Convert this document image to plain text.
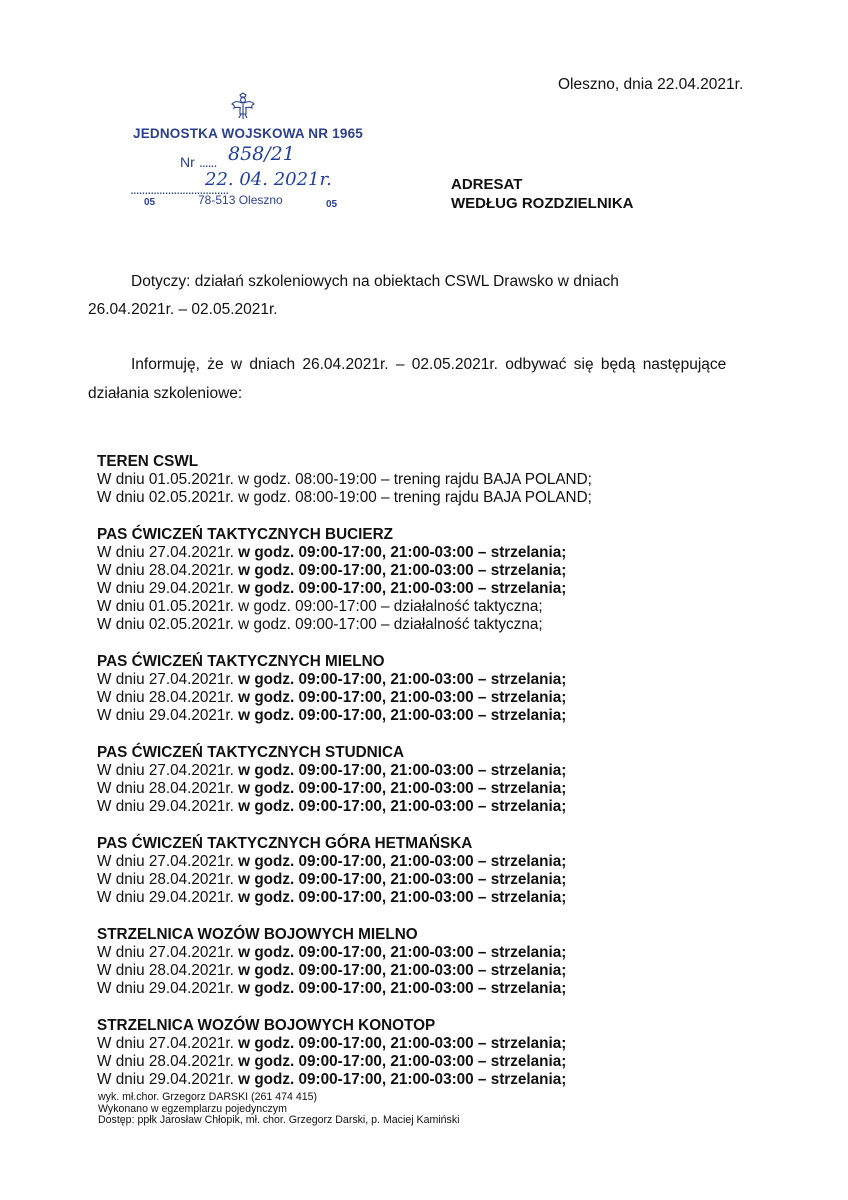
Oleszno, dnia 22.04.2021r.
JEDNOSTKA WOJSKOWA NR 1965
Nr ...... 858/21
..................................
22. 04. 2021r.
05	78-513 Oleszno	05
ADRESAT
WEDŁUG ROZDZIELNIKA
Dotyczy: działań szkoleniowych na obiektach CSWL Drawsko w dniach
26.04.2021r. – 02.05.2021r.
Informuję, że w dniach 26.04.2021r. – 02.05.2021r. odbywać się będą następujące
działania szkoleniowe:
TEREN CSWL
W dniu 01.05.2021r. w godz. 08:00-19:00 – trening rajdu BAJA POLAND;
W dniu 02.05.2021r. w godz. 08:00-19:00 – trening rajdu BAJA POLAND;
PAS ĆWICZEŃ TAKTYCZNYCH BUCIERZ
W dniu 27.04.2021r. w godz. 09:00-17:00, 21:00-03:00 – strzelania;
W dniu 28.04.2021r. w godz. 09:00-17:00, 21:00-03:00 – strzelania;
W dniu 29.04.2021r. w godz. 09:00-17:00, 21:00-03:00 – strzelania;
W dniu 01.05.2021r. w godz. 09:00-17:00 – działalność taktyczna;
W dniu 02.05.2021r. w godz. 09:00-17:00 – działalność taktyczna;
PAS ĆWICZEŃ TAKTYCZNYCH MIELNO
W dniu 27.04.2021r. w godz. 09:00-17:00, 21:00-03:00 – strzelania;
W dniu 28.04.2021r. w godz. 09:00-17:00, 21:00-03:00 – strzelania;
W dniu 29.04.2021r. w godz. 09:00-17:00, 21:00-03:00 – strzelania;
PAS ĆWICZEŃ TAKTYCZNYCH STUDNICA
W dniu 27.04.2021r. w godz. 09:00-17:00, 21:00-03:00 – strzelania;
W dniu 28.04.2021r. w godz. 09:00-17:00, 21:00-03:00 – strzelania;
W dniu 29.04.2021r. w godz. 09:00-17:00, 21:00-03:00 – strzelania;
PAS ĆWICZEŃ TAKTYCZNYCH GÓRA HETMAŃSKA
W dniu 27.04.2021r. w godz. 09:00-17:00, 21:00-03:00 – strzelania;
W dniu 28.04.2021r. w godz. 09:00-17:00, 21:00-03:00 – strzelania;
W dniu 29.04.2021r. w godz. 09:00-17:00, 21:00-03:00 – strzelania;
STRZELNICA WOZÓW BOJOWYCH MIELNO
W dniu 27.04.2021r. w godz. 09:00-17:00, 21:00-03:00 – strzelania;
W dniu 28.04.2021r. w godz. 09:00-17:00, 21:00-03:00 – strzelania;
W dniu 29.04.2021r. w godz. 09:00-17:00, 21:00-03:00 – strzelania;
STRZELNICA WOZÓW BOJOWYCH KONOTOP
W dniu 27.04.2021r. w godz. 09:00-17:00, 21:00-03:00 – strzelania;
W dniu 28.04.2021r. w godz. 09:00-17:00, 21:00-03:00 – strzelania;
W dniu 29.04.2021r. w godz. 09:00-17:00, 21:00-03:00 – strzelania;
wyk. mł.chor. Grzegorz DARSKI (261 474 415)
Wykonano w egzemplarzu pojedynczym
Dostęp: ppłk Jarosław Chłopik, mł. chor. Grzegorz Darski, p. Maciej Kamiński
